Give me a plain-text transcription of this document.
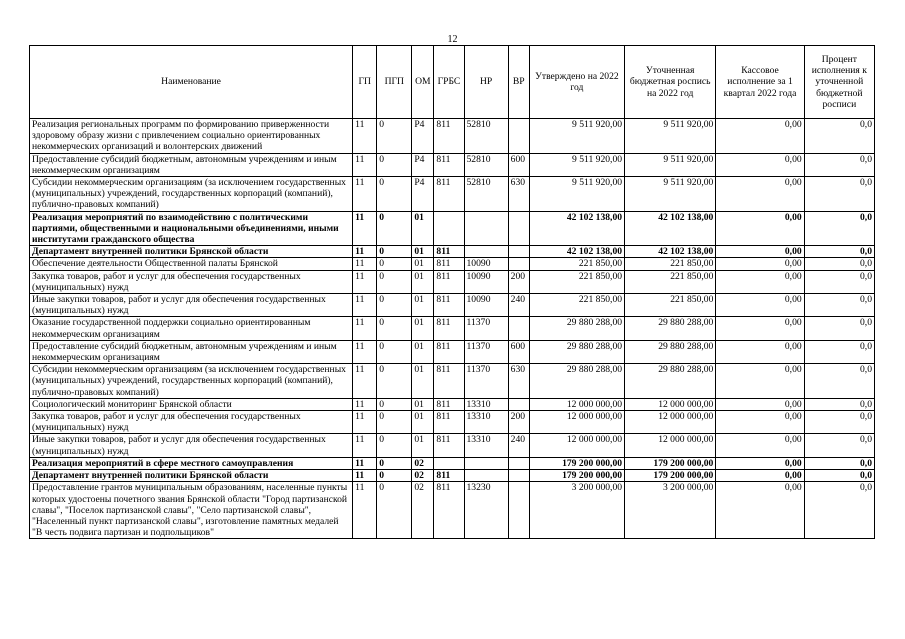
12
Наименование	ГП	ПГП	ОМ	ГРБС	НР	ВР	Утверждено на 2022 год	Уточненная бюджетная роспись на 2022 год	Кассовое исполнение за 1 квартал 2022 года	Процент исполнения к уточненной бюджетной росписи
Реализация региональных программ по формированию приверженности здоровому образу жизни с привлечением социально ориентированных некоммерческих организаций и волонтерских движений	11	0	P4	811	52810		9 511 920,00	9 511 920,00	0,00	0,0
Предоставление субсидий бюджетным, автономным учреждениям и иным некоммерческим организациям	11	0	P4	811	52810	600	9 511 920,00	9 511 920,00	0,00	0,0
Субсидии некоммерческим организациям (за исключением государственных (муниципальных) учреждений, государственных корпораций (компаний), публично-правовых компаний)	11	0	P4	811	52810	630	9 511 920,00	9 511 920,00	0,00	0,0
Реализация мероприятий по взаимодействию с политическими партиями, общественными и национальными объединениями, иными институтами гражданского общества	11	0	01				42 102 138,00	42 102 138,00	0,00	0,0
Департамент внутренней политики Брянской области	11	0	01	811			42 102 138,00	42 102 138,00	0,00	0,0
Обеспечение деятельности Общественной палаты Брянской	11	0	01	811	10090		221 850,00	221 850,00	0,00	0,0
Закупка товаров, работ и услуг для обеспечения государственных (муниципальных) нужд	11	0	01	811	10090	200	221 850,00	221 850,00	0,00	0,0
Иные закупки товаров, работ и услуг для обеспечения государственных (муниципальных) нужд	11	0	01	811	10090	240	221 850,00	221 850,00	0,00	0,0
Оказание государственной поддержки социально ориентированным некоммерческим организациям	11	0	01	811	11370		29 880 288,00	29 880 288,00	0,00	0,0
Предоставление субсидий бюджетным, автономным учреждениям и иным некоммерческим организациям	11	0	01	811	11370	600	29 880 288,00	29 880 288,00	0,00	0,0
Субсидии некоммерческим организациям (за исключением государственных (муниципальных) учреждений, государственных корпораций (компаний), публично-правовых компаний)	11	0	01	811	11370	630	29 880 288,00	29 880 288,00	0,00	0,0
Социологический мониторинг Брянской области	11	0	01	811	13310		12 000 000,00	12 000 000,00	0,00	0,0
Закупка товаров, работ и услуг для обеспечения государственных (муниципальных) нужд	11	0	01	811	13310	200	12 000 000,00	12 000 000,00	0,00	0,0
Иные закупки товаров, работ и услуг для обеспечения государственных (муниципальных) нужд	11	0	01	811	13310	240	12 000 000,00	12 000 000,00	0,00	0,0
Реализация мероприятий в сфере местного самоуправления	11	0	02				179 200 000,00	179 200 000,00	0,00	0,0
Департамент внутренней политики Брянской области	11	0	02	811			179 200 000,00	179 200 000,00	0,00	0,0
Предоставление грантов муниципальным образованиям, населенные пункты которых удостоены почетного звания Брянской области "Город партизанской славы", "Поселок партизанской славы", "Село партизанской славы", "Населенный пункт партизанской славы", изготовление памятных медалей "В честь подвига партизан и подпольщиков"	11	0	02	811	13230		3 200 000,00	3 200 000,00	0,00	0,0
